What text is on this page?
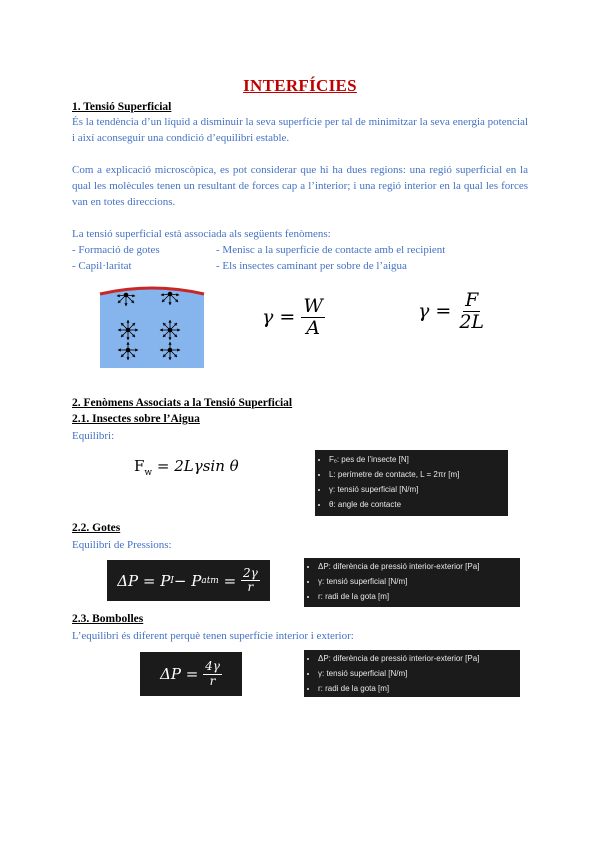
INTERFÍCIES
1. Tensió Superficial
És la tendència d’un líquid a disminuir la seva superfície per tal de minimitzar la seva energia potencial i així aconseguir una condició d’equilibri estable.
Com a explicació microscòpica, es pot considerar que hi ha dues regions: una regió superficial en la qual les molècules tenen un resultant de forces cap a l’interior; i una regió interior en la qual les forces van en totes direccions.
La tensió superficial està associada als següents fenòmens:
- Formació de gotes	- Menisc a la superfície de contacte amb el recipient
- Capil·laritat	- Els insectes caminant per sobre de l’aigua
$\gamma = \frac{W}{A}$	$\gamma = \frac{F}{2L}$
2. Fenòmens Associats a la Tensió Superficial
2.1. Insectes sobre l’Aigua
Equilibri:
$F_w = 2L\gamma\sin$ θ
•	Fₑ: pes de l’insecte [N]
• L: perímetre de contacte, L = 2πr [m]
• γ: tensió superficial [N/m]
• θ: angle de contacte
2.2. Gotes
Equilibri de Pressions:
ΔP = P I − P atm = $\frac{2\gamma}{r}$
• ΔP: diferència de pressió interior-exterior [Pa]
• γ: tensió superficial [N/m]
• r: radi de la gota [m]
2.3. Bombolles
L’equilibri és diferent perquè tenen superfície interior i exterior:
$\Delta P = \frac{4\gamma}{r}$
• ΔP: diferència de pressió interior-exterior [Pa]
• γ: tensió superficial [N/m]
• r: radi de la gota [m]
